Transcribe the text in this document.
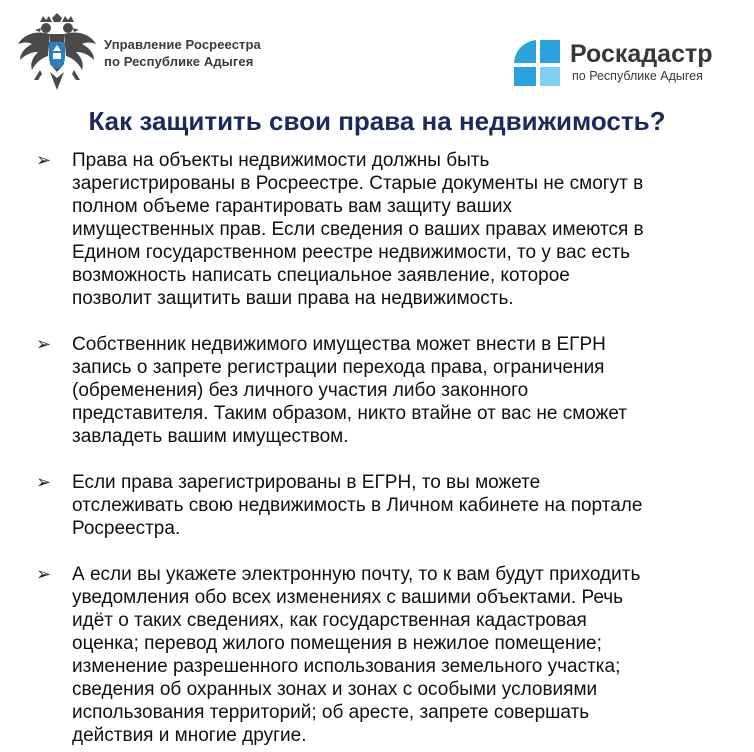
Управление Росреестра
по Республике Адыгея	Роскадастр
по Республике Адыгея
Как защитить свои права на недвижимость?
➢ Права на объекты недвижимости должны быть
зарегистрированы в Росреестре. Старые документы не смогут в
полном объеме гарантировать вам защиту ваших
имущественных прав. Если сведения о ваших правах имеются в
Едином государственном реестре недвижимости, то у вас есть
возможность написать специальное заявление, которое
позволит защитить ваши права на недвижимость.

➢ Собственник недвижимого имущества может внести в ЕГРН
запись о запрете регистрации перехода права, ограничения
(обременения) без личного участия либо законного
представителя. Таким образом, никто втайне от вас не сможет
завладеть вашим имуществом.

➢ Если права зарегистрированы в ЕГРН, то вы можете
отслеживать свою недвижимость в Личном кабинете на портале
Росреестра.

➢ А если вы укажете электронную почту, то к вам будут приходить
уведомления обо всех изменениях с вашими объектами. Речь
идёт о таких сведениях, как государственная кадастровая
оценка; перевод жилого помещения в нежилое помещение;
изменение разрешенного использования земельного участка;
сведения об охранных зонах и зонах с особыми условиями
использования территорий; об аресте, запрете совершать
действия и многие другие.
